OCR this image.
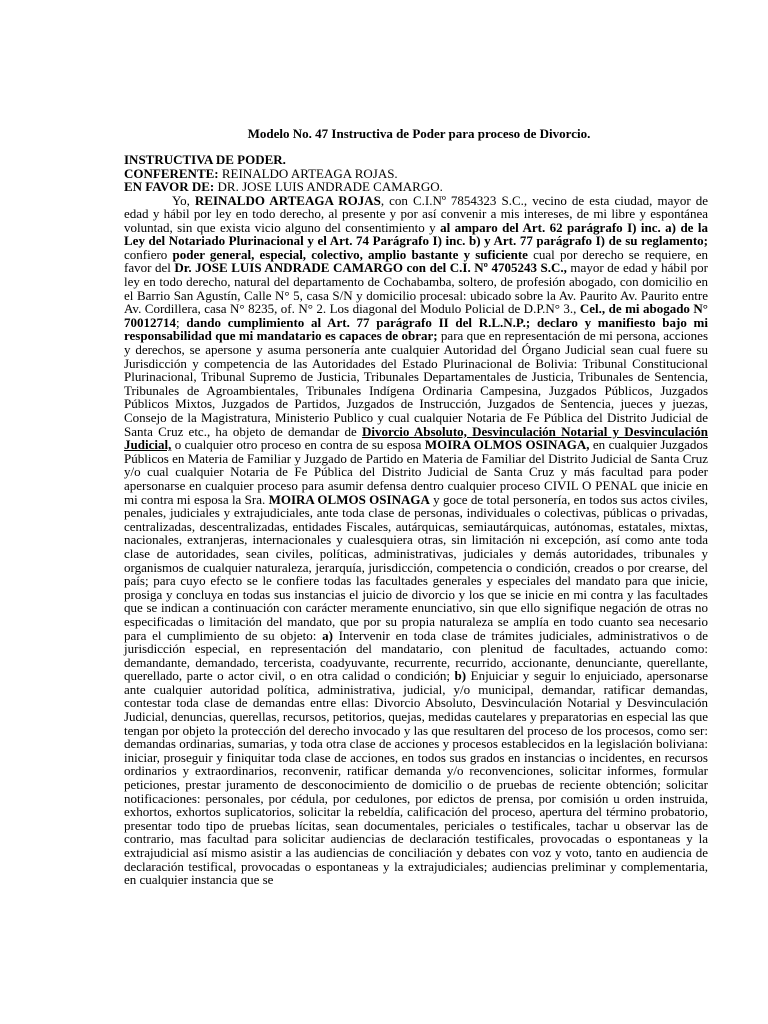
Modelo No. 47 Instructiva de Poder para proceso de Divorcio.

INSTRUCTIVA DE PODER.
CONFERENTE: REINALDO ARTEAGA ROJAS.
EN FAVOR DE: DR. JOSE LUIS ANDRADE CAMARGO.

Yo, REINALDO ARTEAGA ROJAS, con C.I.Nº 7854323 S.C., vecino de esta ciudad, mayor de edad y hábil por ley en todo derecho, al presente y por así convenir a mis intereses, de mi libre y espontánea voluntad, sin que exista vicio alguno del consentimiento y al amparo del Art. 62 parágrafo I) inc. a) de la Ley del Notariado Plurinacional y el Art. 74 Parágrafo I) inc. b) y Art. 77 parágrafo I) de su reglamento; confiero poder general, especial, colectivo, amplio bastante y suficiente cual por derecho se requiere, en favor del Dr. JOSE LUIS ANDRADE CAMARGO con del C.I. Nº 4705243 S.C., mayor de edad y hábil por ley en todo derecho, natural del departamento de Cochabamba, soltero, de profesión abogado, con domicilio en el Barrio San Agustín, Calle N° 5, casa S/N y domicilio procesal: ubicado sobre la Av. Paurito Av. Paurito entre Av. Cordillera, casa N° 8235, of. N° 2. Los diagonal del Modulo Policial de D.P.N° 3., Cel., de mi abogado N° 70012714; dando cumplimiento al Art. 77 parágrafo II del R.L.N.P.; declaro y manifiesto bajo mi responsabilidad que mi mandatario es capaces de obrar; para que en representación de mi persona, acciones y derechos, se apersone y asuma personería ante cualquier Autoridad del Órgano Judicial sean cual fuere su Jurisdicción y competencia de las Autoridades del Estado Plurinacional de Bolivia: Tribunal Constitucional Plurinacional, Tribunal Supremo de Justicia, Tribunales Departamentales de Justicia, Tribunales de Sentencia, Tribunales de Agroambientales, Tribunales Indígena Ordinaria Campesina, Juzgados Públicos, Juzgados Públicos Mixtos, Juzgados de Partidos, Juzgados de Instrucción, Juzgados de Sentencia, jueces y juezas, Consejo de la Magistratura, Ministerio Publico y cual cualquier Notaria de Fe Pública del Distrito Judicial de Santa Cruz etc., ha objeto de demandar de Divorcio Absoluto, Desvinculación Notarial y Desvinculación Judicial, o cualquier otro proceso en contra de su esposa MOIRA OLMOS OSINAGA, en cualquier Juzgados Públicos en Materia de Familiar y Juzgado de Partido en Materia de Familiar del Distrito Judicial de Santa Cruz y/o cual cualquier Notaria de Fe Pública del Distrito Judicial de Santa Cruz y más facultad para poder apersonarse en cualquier proceso para asumir defensa dentro cualquier proceso CIVIL O PENAL que inicie en mi contra mi esposa la Sra. MOIRA OLMOS OSINAGA y goce de total personería, en todos sus actos civiles, penales, judiciales y extrajudiciales, ante toda clase de personas, individuales o colectivas, públicas o privadas, centralizadas, descentralizadas, entidades Fiscales, autárquicas, semiautárquicas, autónomas, estatales, mixtas, nacionales, extranjeras, internacionales y cualesquiera otras, sin limitación ni excepción, así como ante toda clase de autoridades, sean civiles, políticas, administrativas, judiciales y demás autoridades, tribunales y organismos de cualquier naturaleza, jerarquía, jurisdicción, competencia o condición, creados o por crearse, del país; para cuyo efecto se le confiere todas las facultades generales y especiales del mandato para que inicie, prosiga y concluya en todas sus instancias el juicio de divorcio y los que se inicie en mi contra y las facultades que se indican a continuación con carácter meramente enunciativo, sin que ello signifique negación de otras no especificadas o limitación del mandato, que por su propia naturaleza se amplía en todo cuanto sea necesario para el cumplimiento de su objeto: a) Intervenir en toda clase de trámites judiciales, administrativos o de jurisdicción especial, en representación del mandatario, con plenitud de facultades, actuando como: demandante, demandado, tercerista, coadyuvante, recurrente, recurrido, accionante, denunciante, querellante, querellado, parte o actor civil, o en otra calidad o condición; b) Enjuiciar y seguir lo enjuiciado, apersonarse ante cualquier autoridad política, administrativa, judicial, y/o municipal, demandar, ratificar demandas, contestar toda clase de demandas entre ellas: Divorcio Absoluto, Desvinculación Notarial y Desvinculación Judicial, denuncias, querellas, recursos, petitorios, quejas, medidas cautelares y preparatorias en especial las que tengan por objeto la protección del derecho invocado y las que resultaren del proceso de los procesos, como ser: demandas ordinarias, sumarias, y toda otra clase de acciones y procesos establecidos en la legislación boliviana: iniciar, proseguir y finiquitar toda clase de acciones, en todos sus grados en instancias o incidentes, en recursos ordinarios y extraordinarios, reconvenir, ratificar demanda y/o reconvenciones, solicitar informes, formular peticiones, prestar juramento de desconocimiento de domicilio o de pruebas de reciente obtención; solicitar notificaciones: personales, por cédula, por cedulones, por edictos de prensa, por comisión u orden instruida, exhortos, exhortos suplicatorios, solicitar la rebeldía, calificación del proceso, apertura del término probatorio, presentar todo tipo de pruebas lícitas, sean documentales, periciales o testificales, tachar u observar las de contrario, mas facultad para solicitar audiencias de declaración testificales, provocadas o espontaneas y la extrajudicial así mismo asistir a las audiencias de conciliación y debates con voz y voto, tanto en audiencia de declaración testifical, provocadas o espontaneas y la extrajudiciales; audiencias preliminar y complementaria, en cualquier instancia que se
